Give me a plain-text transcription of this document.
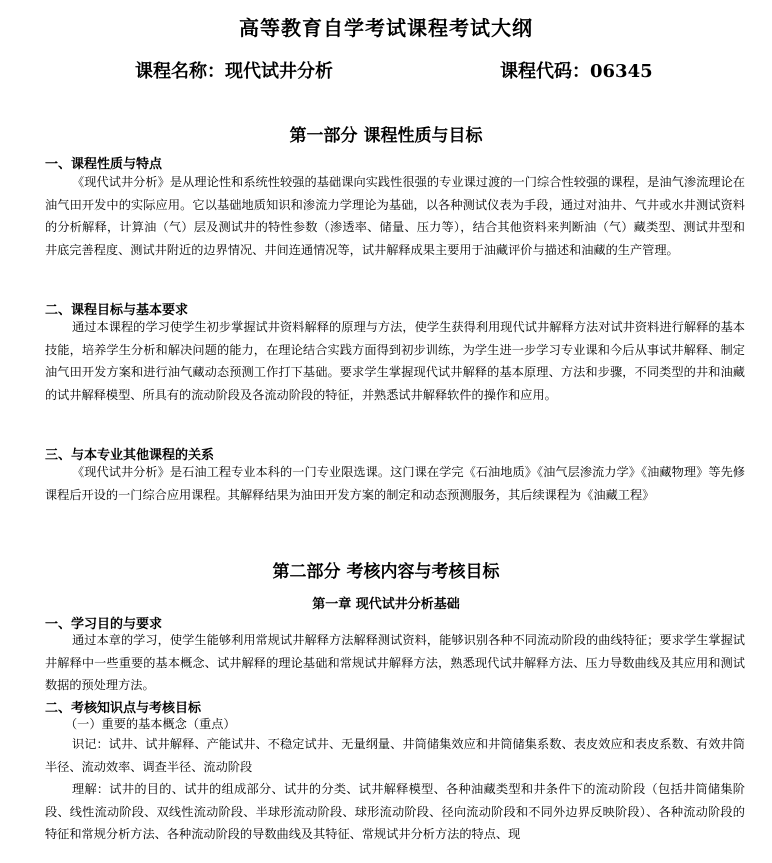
高等教育自学考试课程考试大纲
课程名称：现代试井分析	课程代码：06345
第一部分 课程性质与目标
一、课程性质与特点
《现代试井分析》是从理论性和系统性较强的基础课向实践性很强的专业课过渡的一门综合性较强的课程，是油气渗流理论在油气田开发中的实际应用。它以基础地质知识和渗流力学理论为基础，以各种测试仪表为手段，通过对油井、气井或水井测试资料的分析解释，计算油（气）层及测试井的特性参数（渗透率、储量、压力等），结合其他资料来判断油（气）藏类型、测试井型和井底完善程度、测试井附近的边界情况、井间连通情况等，试井解释成果主要用于油藏评价与描述和油藏的生产管理。
二、课程目标与基本要求
通过本课程的学习使学生初步掌握试井资料解释的原理与方法，使学生获得利用现代试井解释方法对试井资料进行解释的基本技能，培养学生分析和解决问题的能力，在理论结合实践方面得到初步训练，为学生进一步学习专业课和今后从事试井解释、制定油气田开发方案和进行油气藏动态预测工作打下基础。要求学生掌握现代试井解释的基本原理、方法和步骤，不同类型的井和油藏的试井解释模型、所具有的流动阶段及各流动阶段的特征，并熟悉试井解释软件的操作和应用。
三、与本专业其他课程的关系
《现代试井分析》是石油工程专业本科的一门专业限选课。这门课在学完《石油地质》《油气层渗流力学》《油藏物理》等先修课程后开设的一门综合应用课程。其解释结果为油田开发方案的制定和动态预测服务，其后续课程为《油藏工程》
第二部分 考核内容与考核目标
第一章 现代试井分析基础
一、学习目的与要求
通过本章的学习，使学生能够利用常规试井解释方法解释测试资料，能够识别各种不同流动阶段的曲线特征；要求学生掌握试井解释中一些重要的基本概念、试井解释的理论基础和常规试井解释方法，熟悉现代试井解释方法、压力导数曲线及其应用和测试数据的预处理方法。
二、考核知识点与考核目标
（一）重要的基本概念（重点）
识记：试井、试井解释、产能试井、不稳定试井、无量纲量、井筒储集效应和井筒储集系数、表皮效应和表皮系数、有效井筒半径、流动效率、调查半径、流动阶段
理解：试井的目的、试井的组成部分、试井的分类、试井解释模型、各种油藏类型和井条件下的流动阶段（包括井筒储集阶段、线性流动阶段、双线性流动阶段、半球形流动阶段、球形流动阶段、径向流动阶段和不同外边界反映阶段）、各种流动阶段的特征和常规分析方法、各种流动阶段的导数曲线及其特征、常规试井分析方法的特点、现
